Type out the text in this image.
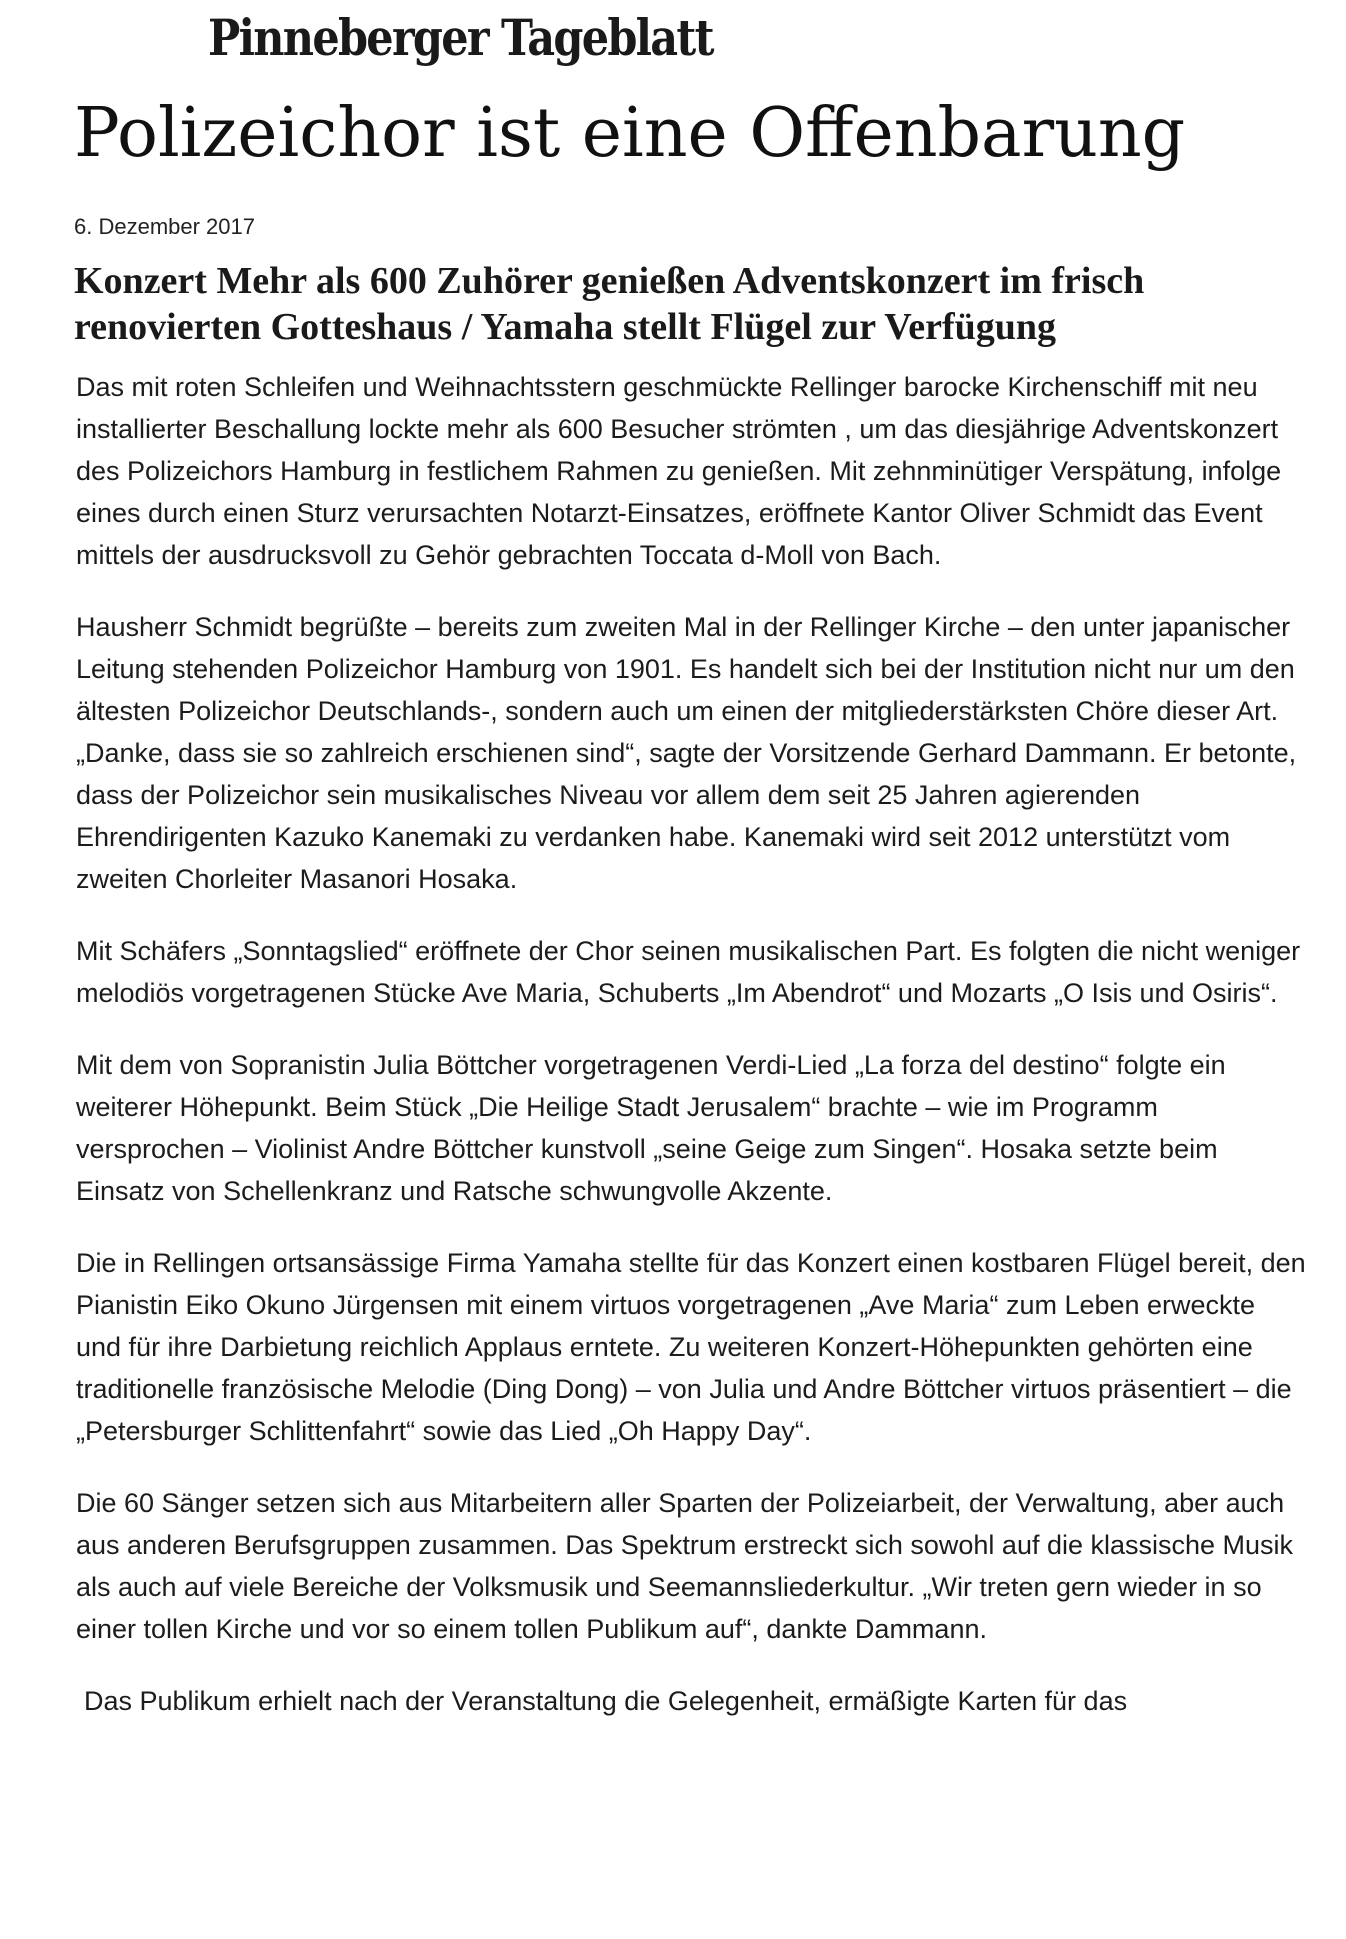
Pinneberger Tageblatt
Polizeichor ist eine Offenbarung
6. Dezember 2017
Konzert Mehr als 600 Zuhörer genießen Adventskonzert im frisch renovierten Gotteshaus / Yamaha stellt Flügel zur Verfügung

Das mit roten Schleifen und Weihnachtsstern geschmückte Rellinger barocke Kirchenschiff mit neu installierter Beschallung lockte mehr als 600 Besucher strömten , um das diesjährige Adventskonzert des Polizeichors Hamburg in festlichem Rahmen zu genießen. Mit zehnminütiger Verspätung, infolge eines durch einen Sturz verursachten Notarzt-Einsatzes, eröffnete Kantor Oliver Schmidt das Event mittels der ausdrucksvoll zu Gehör gebrachten Toccata d-Moll von Bach.

Hausherr Schmidt begrüßte – bereits zum zweiten Mal in der Rellinger Kirche – den unter japanischer Leitung stehenden Polizeichor Hamburg von 1901. Es handelt sich bei der Institution nicht nur um den ältesten Polizeichor Deutschlands-, sondern auch um einen der mitgliederstärksten Chöre dieser Art. „Danke, dass sie so zahlreich erschienen sind“, sagte der Vorsitzende Gerhard Dammann. Er betonte, dass der Polizeichor sein musikalisches Niveau vor allem dem seit 25 Jahren agierenden Ehrendirigenten Kazuko Kanemaki zu verdanken habe. Kanemaki wird seit 2012 unterstützt vom zweiten Chorleiter Masanori Hosaka.

Mit Schäfers „Sonntagslied“ eröffnete der Chor seinen musikalischen Part. Es folgten die nicht weniger melodiös vorgetragenen Stücke Ave Maria, Schuberts „Im Abendrot“ und Mozarts „O Isis und Osiris“.

Mit dem von Sopranistin Julia Böttcher vorgetragenen Verdi-Lied „La forza del destino“ folgte ein weiterer Höhepunkt. Beim Stück „Die Heilige Stadt Jerusalem“ brachte – wie im Programm versprochen – Violinist Andre Böttcher kunstvoll „seine Geige zum Singen“. Hosaka setzte beim Einsatz von Schellenkranz und Ratsche schwungvolle Akzente.

Die in Rellingen ortsansässige Firma Yamaha stellte für das Konzert einen kostbaren Flügel bereit, den Pianistin Eiko Okuno Jürgensen mit einem virtuos vorgetragenen „Ave Maria“ zum Leben erweckte und für ihre Darbietung reichlich Applaus erntete. Zu weiteren Konzert-Höhepunkten gehörten eine traditionelle französische Melodie (Ding Dong) – von Julia und Andre Böttcher virtuos präsentiert – die „Petersburger Schlittenfahrt“ sowie das Lied „Oh Happy Day“.

Die 60 Sänger setzen sich aus Mitarbeitern aller Sparten der Polizeiarbeit, der Verwaltung, aber auch aus anderen Berufsgruppen zusammen. Das Spektrum erstreckt sich sowohl auf die klassische Musik als auch auf viele Bereiche der Volksmusik und Seemannsliederkultur. „Wir treten gern wieder in so einer tollen Kirche und vor so einem tollen Publikum auf“, dankte Dammann.

Das Publikum erhielt nach der Veranstaltung die Gelegenheit, ermäßigte Karten für das
